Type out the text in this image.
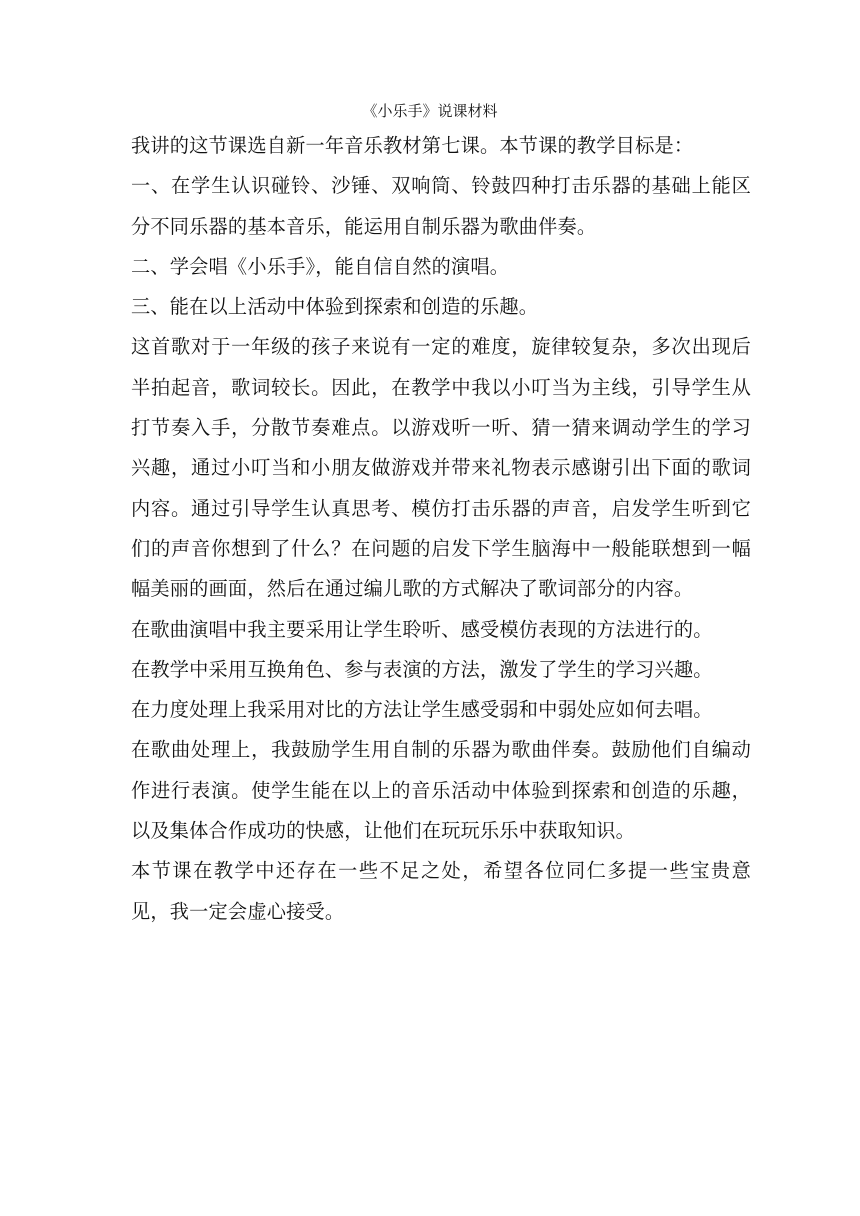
《小乐手》说课材料

我讲的这节课选自新一年音乐教材第七课。本节课的教学目标是：

一、在学生认识碰铃、沙锤、双响筒、铃鼓四种打击乐器的基础上能区分不同乐器的基本音乐，能运用自制乐器为歌曲伴奏。

二、学会唱《小乐手》，能自信自然的演唱。

三、能在以上活动中体验到探索和创造的乐趣。

这首歌对于一年级的孩子来说有一定的难度，旋律较复杂，多次出现后半拍起音，歌词较长。因此，在教学中我以小叮当为主线，引导学生从打节奏入手，分散节奏难点。以游戏听一听、猜一猜来调动学生的学习兴趣，通过小叮当和小朋友做游戏并带来礼物表示感谢引出下面的歌词内容。通过引导学生认真思考、模仿打击乐器的声音，启发学生听到它们的声音你想到了什么？在问题的启发下学生脑海中一般能联想到一幅幅美丽的画面，然后在通过编儿歌的方式解决了歌词部分的内容。

在歌曲演唱中我主要采用让学生聆听、感受模仿表现的方法进行的。

在教学中采用互换角色、参与表演的方法，激发了学生的学习兴趣。

在力度处理上我采用对比的方法让学生感受弱和中弱处应如何去唱。

在歌曲处理上，我鼓励学生用自制的乐器为歌曲伴奏。鼓励他们自编动作进行表演。使学生能在以上的音乐活动中体验到探索和创造的乐趣，以及集体合作成功的快感，让他们在玩玩乐乐中获取知识。

本节课在教学中还存在一些不足之处，希望各位同仁多提一些宝贵意见，我一定会虚心接受。
